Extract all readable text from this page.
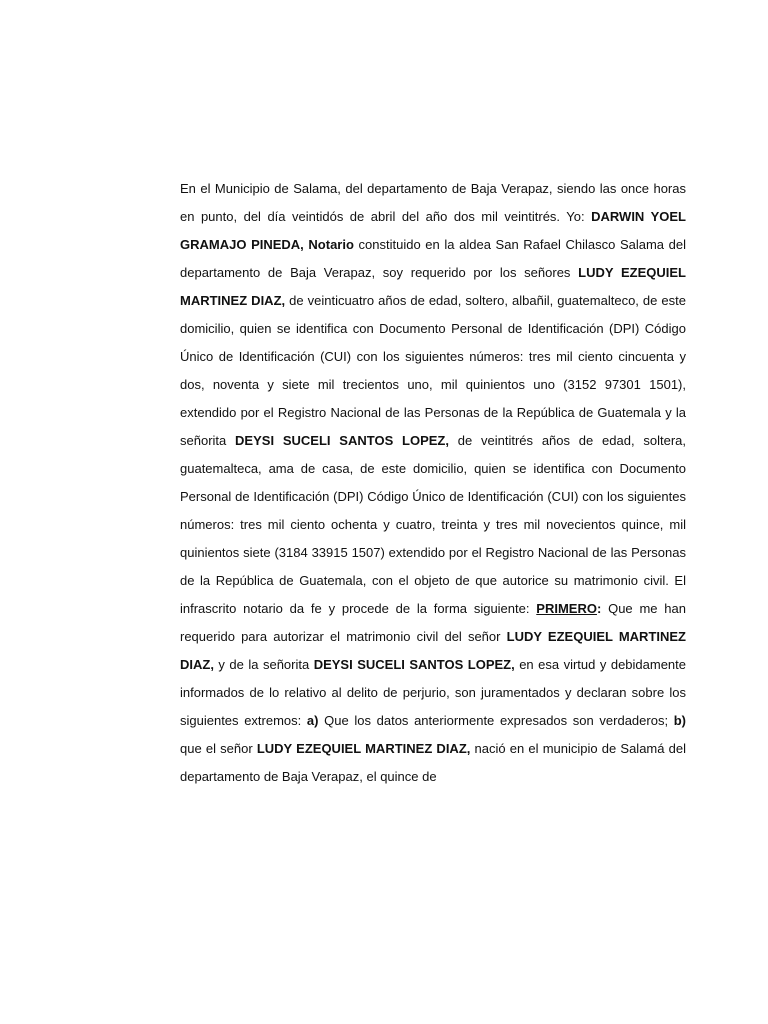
En el Municipio de Salama, del departamento de Baja Verapaz, siendo las once horas en punto, del día veintidós de abril del año dos mil veintitrés. Yo: DARWIN YOEL GRAMAJO PINEDA, Notario constituido en la aldea San Rafael Chilasco Salama del departamento de Baja Verapaz, soy requerido por los señores LUDY EZEQUIEL MARTINEZ DIAZ, de veinticuatro años de edad, soltero, albañil, guatemalteco, de este domicilio, quien se identifica con Documento Personal de Identificación (DPI) Código Único de Identificación (CUI) con los siguientes números: tres mil ciento cincuenta y dos, noventa y siete mil trecientos uno, mil quinientos uno (3152 97301 1501), extendido por el Registro Nacional de las Personas de la República de Guatemala y la señorita DEYSI SUCELI SANTOS LOPEZ, de veintitrés años de edad, soltera, guatemalteca, ama de casa, de este domicilio, quien se identifica con Documento Personal de Identificación (DPI) Código Único de Identificación (CUI) con los siguientes números: tres mil ciento ochenta y cuatro, treinta y tres mil novecientos quince, mil quinientos siete (3184 33915 1507) extendido por el Registro Nacional de las Personas de la República de Guatemala, con el objeto de que autorice su matrimonio civil. El infrascrito notario da fe y procede de la forma siguiente: PRIMERO: Que me han requerido para autorizar el matrimonio civil del señor LUDY EZEQUIEL MARTINEZ DIAZ, y de la señorita DEYSI SUCELI SANTOS LOPEZ, en esa virtud y debidamente informados de lo relativo al delito de perjurio, son juramentados y declaran sobre los siguientes extremos: a) Que los datos anteriormente expresados son verdaderos; b) que el señor LUDY EZEQUIEL MARTINEZ DIAZ, nació en el municipio de Salamá del departamento de Baja Verapaz, el quince de
